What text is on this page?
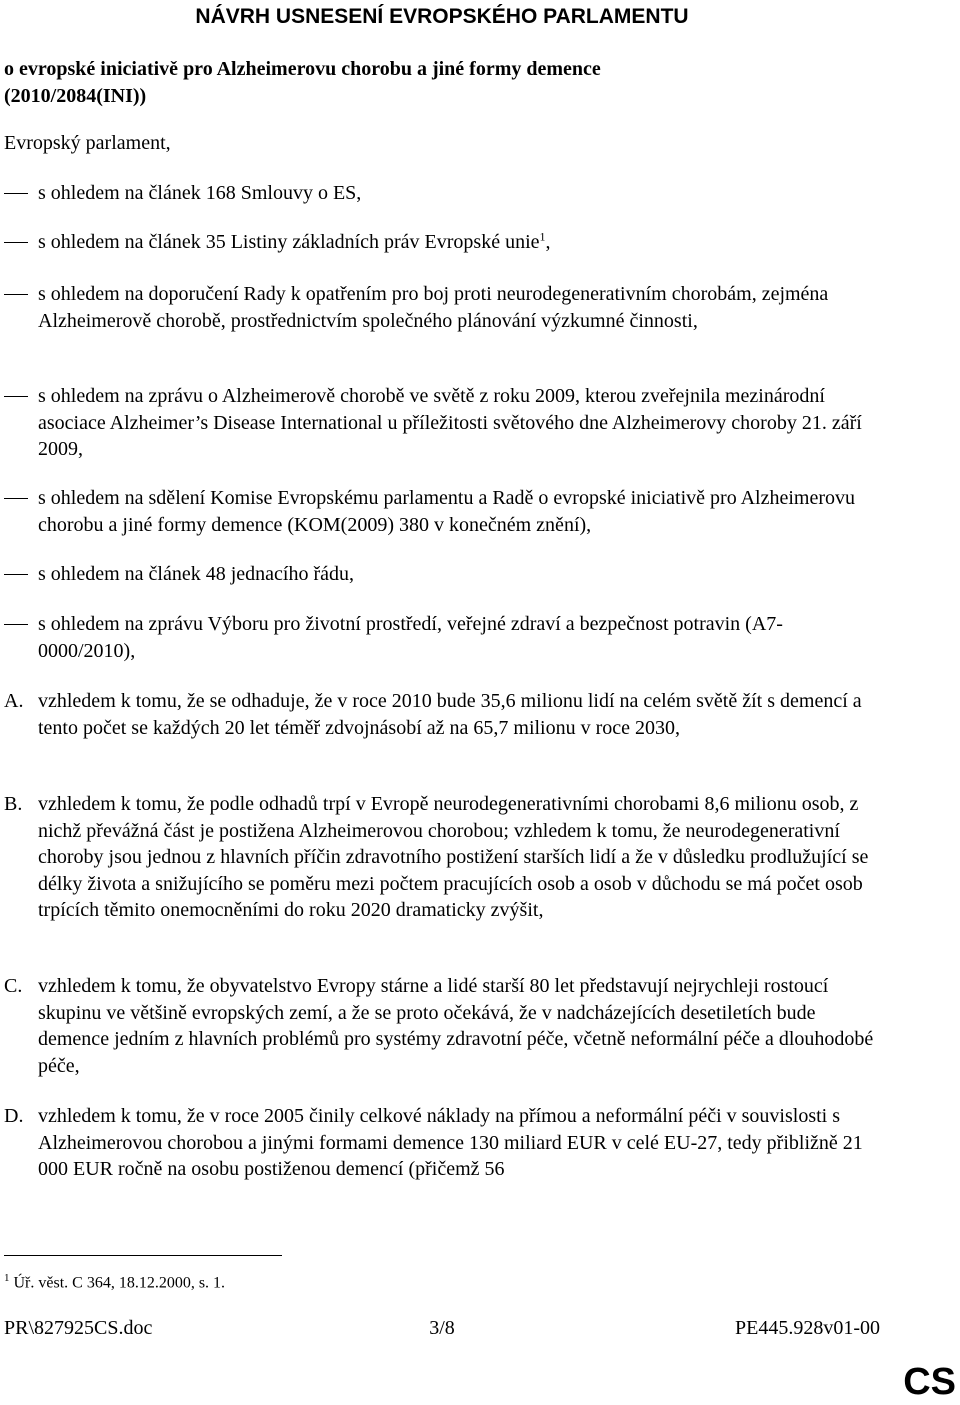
NÁVRH USNESENÍ EVROPSKÉHO PARLAMENTU
o evropské iniciativě pro Alzheimerovu chorobu a jiné formy demence
(2010/2084(INI))

Evropský parlament,

s ohledem na článek 168 Smlouvy o ES,
s ohledem na článek 35 Listiny základních práv Evropské unie$^1$,
s ohledem na doporučení Rady k opatřením pro boj proti neurodegenerativním chorobám, zejména Alzheimerově chorobě, prostřednictvím společného plánování výzkumné činnosti,
s ohledem na zprávu o Alzheimerově chorobě ve světě z roku 2009, kterou zveřejnila mezinárodní asociace Alzheimer’s Disease International u příležitosti světového dne Alzheimerovy choroby 21. září 2009,
s ohledem na sdělení Komise Evropskému parlamentu a Radě o evropské iniciativě pro Alzheimerovu chorobu a jiné formy demence (KOM(2009) 380 v konečném znění),
s ohledem na článek 48 jednacího řádu,
s ohledem na zprávu Výboru pro životní prostředí, veřejné zdraví a bezpečnost potravin (A7-0000/2010),
A. vzhledem k tomu, že se odhaduje, že v roce 2010 bude 35,6 milionu lidí na celém světě žít s demencí a tento počet se každých 20 let téměř zdvojnásobí až na 65,7 milionu v roce 2030,
B. vzhledem k tomu, že podle odhadů trpí v Evropě neurodegenerativními chorobami 8,6 milionu osob, z nichž převážná část je postižena Alzheimerovou chorobou; vzhledem k tomu, že neurodegenerativní choroby jsou jednou z hlavních příčin zdravotního postižení starších lidí a že v důsledku prodlužující se délky života a snižujícího se poměru mezi počtem pracujících osob a osob v důchodu se má počet osob trpících těmito onemocněními do roku 2020 dramaticky zvýšit,
C. vzhledem k tomu, že obyvatelstvo Evropy stárne a lidé starší 80 let představují nejrychleji rostoucí skupinu ve většině evropských zemí, a že se proto očekává, že v nadcházejících desetiletích bude demence jedním z hlavních problémů pro systémy zdravotní péče, včetně neformální péče a dlouhodobé péče,
D. vzhledem k tomu, že v roce 2005 činily celkové náklady na přímou a neformální péči v souvislosti s Alzheimerovou chorobou a jinými formami demence 130 miliard EUR v celé EU-27, tedy přibližně 21 000 EUR ročně na osobu postiženou demencí (přičemž 56
$^1$ Úř. věst. C 364, 18.12.2000, s. 1.
PR\827925CS.doc	3/8	PE445.928v01-00
CS
